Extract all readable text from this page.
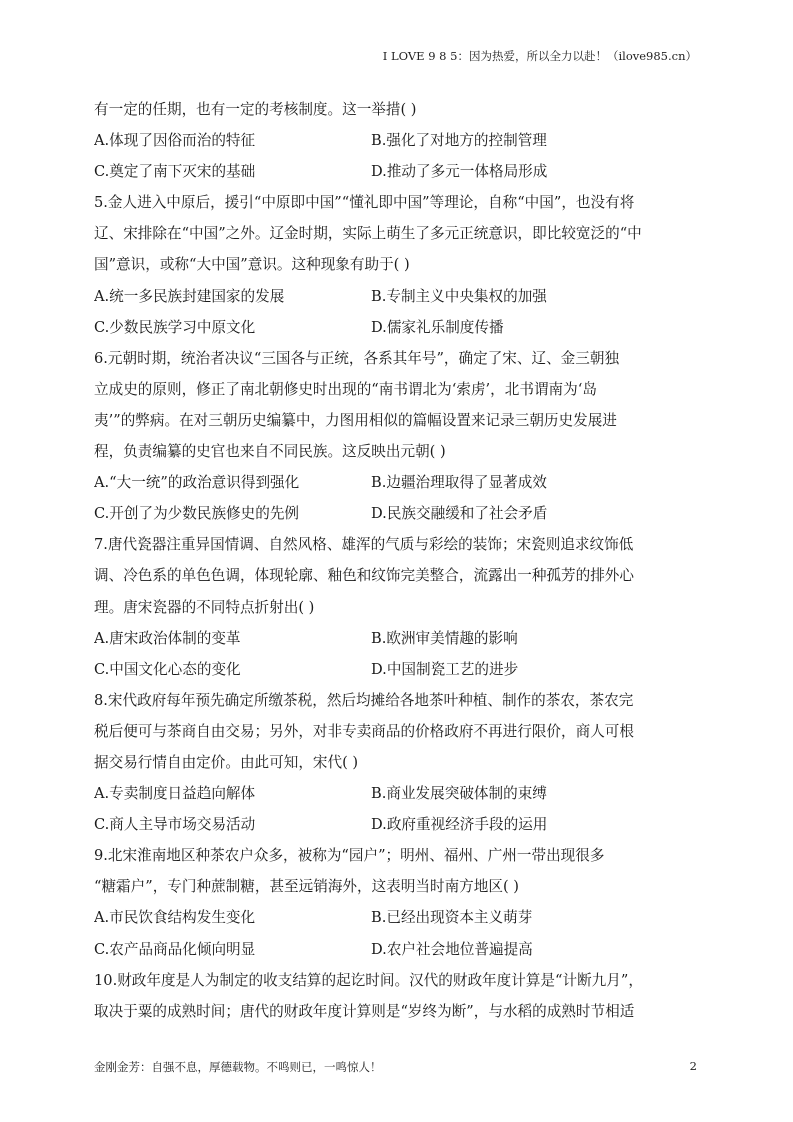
I LOVE 9 8 5：因为热爱，所以全力以赴！（ilove985.cn）
有一定的任期，也有一定的考核制度。这一举措( )
A.体现了因俗而治的特征	B.强化了对地方的控制管理
C.奠定了南下灭宋的基础	D.推动了多元一体格局形成
5.金人进入中原后，援引“中原即中国”“懂礼即中国”等理论，自称“中国”，也没有将
辽、宋排除在“中国”之外。辽金时期，实际上萌生了多元正统意识，即比较宽泛的“中
国”意识，或称“大中国”意识。这种现象有助于( )
A.统一多民族封建国家的发展	B.专制主义中央集权的加强
C.少数民族学习中原文化	D.儒家礼乐制度传播
6.元朝时期，统治者决议“三国各与正统，各系其年号”，确定了宋、辽、金三朝独
立成史的原则，修正了南北朝修史时出现的“南书谓北为‘索虏’，北书谓南为‘岛
夷’”的弊病。在对三朝历史编纂中，力图用相似的篇幅设置来记录三朝历史发展进
程，负责编纂的史官也来自不同民族。这反映出元朝( )
A.“大一统”的政治意识得到强化	B.边疆治理取得了显著成效
C.开创了为少数民族修史的先例	D.民族交融缓和了社会矛盾
7.唐代瓷器注重异国情调、自然风格、雄浑的气质与彩绘的装饰；宋瓷则追求纹饰低
调、冷色系的单色色调，体现轮廓、釉色和纹饰完美整合，流露出一种孤芳的排外心
理。唐宋瓷器的不同特点折射出( )
A.唐宋政治体制的变革	B.欧洲审美情趣的影响
C.中国文化心态的变化	D.中国制瓷工艺的进步
8.宋代政府每年预先确定所缴茶税，然后均摊给各地茶叶种植、制作的茶农，茶农完
税后便可与茶商自由交易；另外，对非专卖商品的价格政府不再进行限价，商人可根
据交易行情自由定价。由此可知，宋代( )
A.专卖制度日益趋向解体	B.商业发展突破体制的束缚
C.商人主导市场交易活动	D.政府重视经济手段的运用
9.北宋淮南地区种茶农户众多，被称为“园户”；明州、福州、广州一带出现很多
“糖霜户”，专门种蔗制糖，甚至远销海外，这表明当时南方地区( )
A.市民饮食结构发生变化	B.已经出现资本主义萌芽
C.农产品商品化倾向明显	D.农户社会地位普遍提高
10.财政年度是人为制定的收支结算的起讫时间。汉代的财政年度计算是“计断九月”，
取决于粟的成熟时间；唐代的财政年度计算则是“岁终为断”，与水稻的成熟时节相适
金刚金芳：自强不息，厚德载物。不鸣则已，一鸣惊人！	2
